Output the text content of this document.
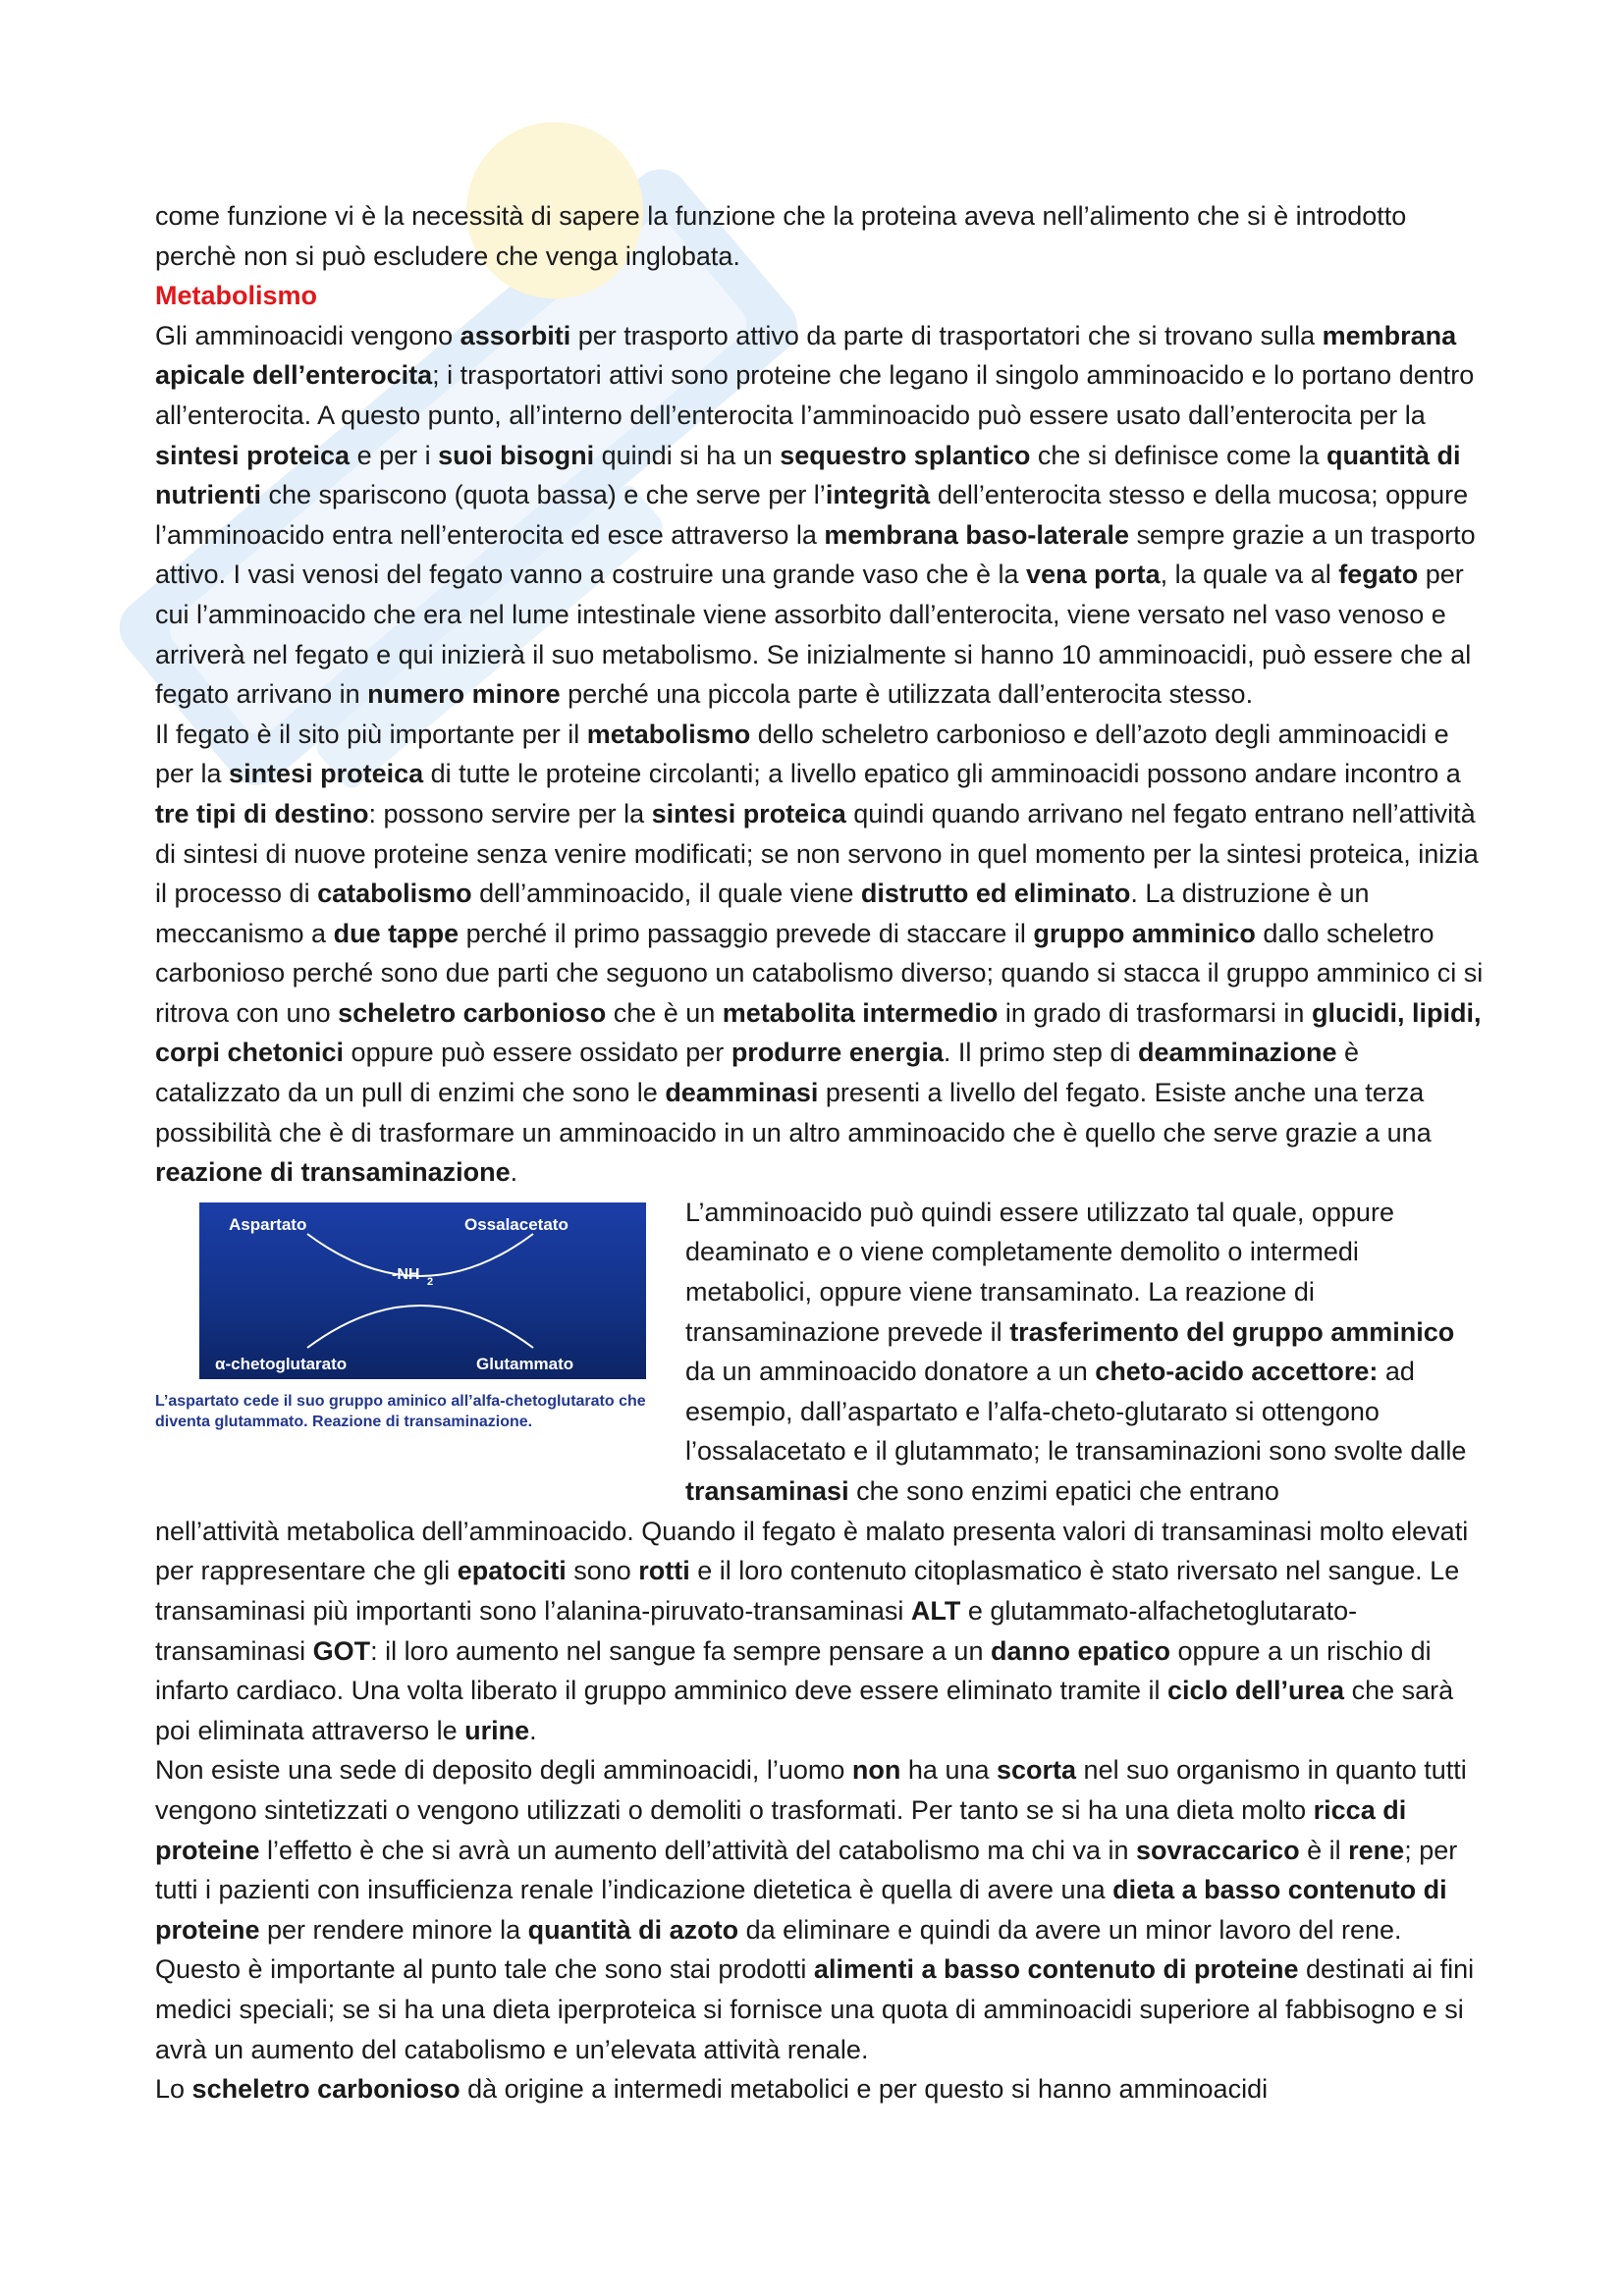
come funzione vi è la necessità di sapere la funzione che la proteina aveva nell’alimento che si è introdotto perchè non si può escludere che venga inglobata.

Metabolismo

Gli amminoacidi vengono assorbiti per trasporto attivo da parte di trasportatori che si trovano sulla membrana apicale dell’enterocita; i trasportatori attivi sono proteine che legano il singolo amminoacido e lo portano dentro all’enterocita. A questo punto, all’interno dell’enterocita l’amminoacido può essere usato dall’enterocita per la sintesi proteica e per i suoi bisogni quindi si ha un sequestro splantico che si definisce come la quantità di nutrienti che spariscono (quota bassa) e che serve per l’integrità dell’enterocita stesso e della mucosa; oppure l’amminoacido entra nell’enterocita ed esce attraverso la membrana baso-laterale sempre grazie a un trasporto attivo. I vasi venosi del fegato vanno a costruire una grande vaso che è la vena porta, la quale va al fegato per cui l’amminoacido che era nel lume intestinale viene assorbito dall’enterocita, viene versato nel vaso venoso e arriverà nel fegato e qui inizierà il suo metabolismo. Se inizialmente si hanno 10 amminoacidi, può essere che al fegato arrivano in numero minore perché una piccola parte è utilizzata dall’enterocita stesso.

Il fegato è il sito più importante per il metabolismo dello scheletro carbonioso e dell’azoto degli amminoacidi e per la sintesi proteica di tutte le proteine circolanti; a livello epatico gli amminoacidi possono andare incontro a tre tipi di destino: possono servire per la sintesi proteica quindi quando arrivano nel fegato entrano nell’attività di sintesi di nuove proteine senza venire modificati; se non servono in quel momento per la sintesi proteica, inizia il processo di catabolismo dell’amminoacido, il quale viene distrutto ed eliminato. La distruzione è un meccanismo a due tappe perché il primo passaggio prevede di staccare il gruppo amminico dallo scheletro carbonioso perché sono due parti che seguono un catabolismo diverso; quando si stacca il gruppo amminico ci si ritrova con uno scheletro carbonioso che è un metabolita intermedio in grado di trasformarsi in glucidi, lipidi, corpi chetonici oppure può essere ossidato per produrre energia. Il primo step di deamminazione è catalizzato da un pull di enzimi che sono le deamminasi presenti a livello del fegato. Esiste anche una terza possibilità che è di trasformare un amminoacido in un altro amminoacido che è quello che serve grazie a una reazione di transaminazione.

Aspartato	Ossalacetato
-NH 2
α-chetoglutarato	Glutammato
L’aspartato cede il suo gruppo aminico all’alfa-chetoglutarato che diventa glutammato. Reazione di transaminazione.

L’amminoacido può quindi essere utilizzato tal quale, oppure deaminato e o viene completamente demolito o intermedi metabolici, oppure viene transaminato. La reazione di transaminazione prevede il trasferimento del gruppo amminico da un amminoacido donatore a un cheto-acido accettore: ad esempio, dall’aspartato e l’alfa-cheto-glutarato si ottengono l’ossalacetato e il glutammato; le transaminazioni sono svolte dalle transaminasi che sono enzimi epatici che entrano

nell’attività metabolica dell’amminoacido. Quando il fegato è malato presenta valori di transaminasi molto elevati per rappresentare che gli epatociti sono rotti e il loro contenuto citoplasmatico è stato riversato nel sangue. Le transaminasi più importanti sono l’alanina-piruvato-transaminasi ALT e glutammato-alfachetoglutarato-transaminasi GOT: il loro aumento nel sangue fa sempre pensare a un danno epatico oppure a un rischio di infarto cardiaco. Una volta liberato il gruppo amminico deve essere eliminato tramite il ciclo dell’urea che sarà poi eliminata attraverso le urine.

Non esiste una sede di deposito degli amminoacidi, l’uomo non ha una scorta nel suo organismo in quanto tutti vengono sintetizzati o vengono utilizzati o demoliti o trasformati. Per tanto se si ha una dieta molto ricca di proteine l’effetto è che si avrà un aumento dell’attività del catabolismo ma chi va in sovraccarico è il rene; per tutti i pazienti con insufficienza renale l’indicazione dietetica è quella di avere una dieta a basso contenuto di proteine per rendere minore la quantità di azoto da eliminare e quindi da avere un minor lavoro del rene. Questo è importante al punto tale che sono stai prodotti alimenti a basso contenuto di proteine destinati ai fini medici speciali; se si ha una dieta iperproteica si fornisce una quota di amminoacidi superiore al fabbisogno e si avrà un aumento del catabolismo e un’elevata attività renale.

Lo scheletro carbonioso dà origine a intermedi metabolici e per questo si hanno amminoacidi
